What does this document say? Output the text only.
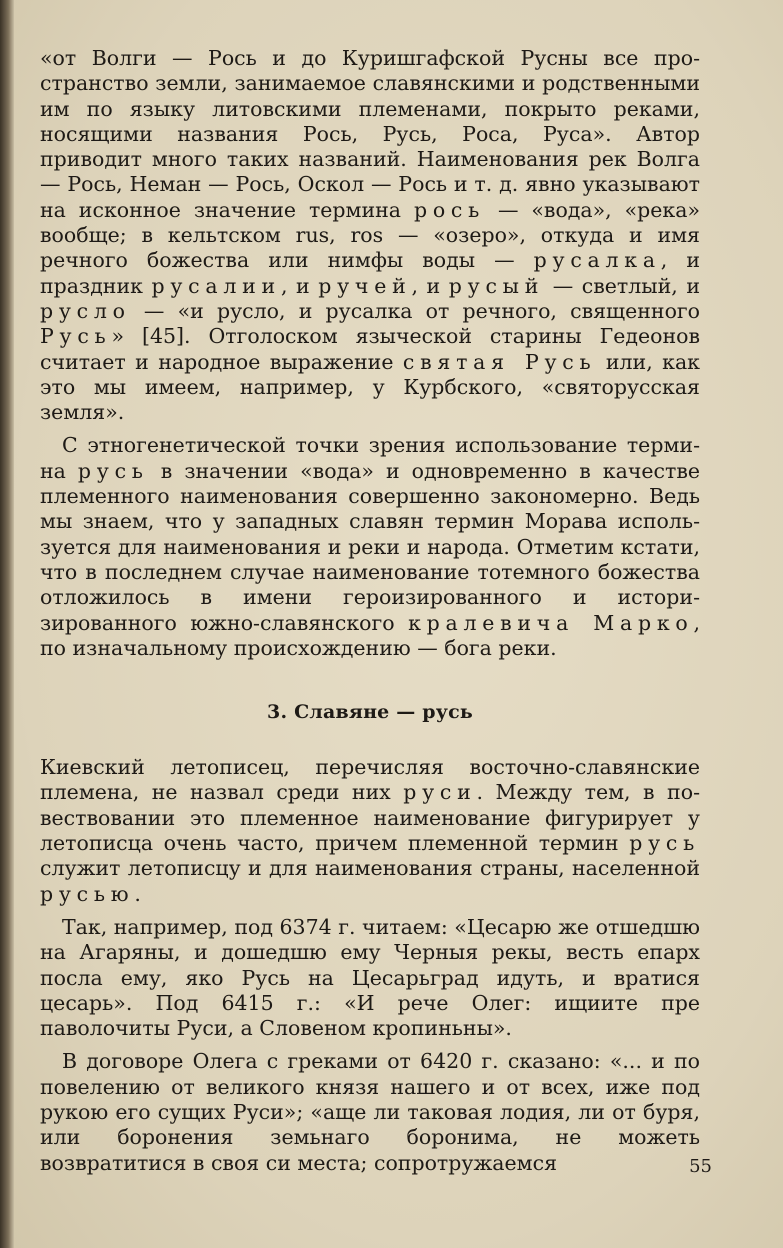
«от Волги — Рось и до Куришгафской Русны все пространство земли, занимаемое славянскими и родственными им по языку литовскими племенами, покрыто реками, носящими названия Рось, Русь, Роса, Руса». Автор приводит много таких названий. Наименования рек Волга — Рось, Неман — Рось, Оскол — Рось и т. д. явно указывают на исконное значение термина рось — «вода», «река» вообще; в кельтском rus, ros — «озеро», откуда и имя речного божества или нимфы воды — русалка, и праздник русалии, и ручей, и русый — светлый, и русло — «и русло, и русалка от речного, священного Русь» [45]. Отголоском языческой старины Гедеонов считает и народное выражение святая Русь или, как это мы имеем, например, у Курбского, «святорусская земля».

С этногенетической точки зрения использование термина русь в значении «вода» и одновременно в качестве племенного наименования совершенно закономерно. Ведь мы знаем, что у западных славян термин Морава используется для наименования и реки и народа. Отметим кстати, что в последнем случае наименование тотемного божества отложилось в имени героизированного и историзированного южно-славянского кралевича Марко, по изначальному происхождению — бога реки.

3. Славяне — русь

Киевский летописец, перечисляя восточно-славянские племена, не назвал среди них руси. Между тем, в повествовании это племенное наименование фигурирует у летописца очень часто, причем племенной термин русь служит летописцу и для наименования страны, населенной русью.

Так, например, под 6374 г. читаем: «Цесарю же отшедшю на Агаряны, и дошедшю ему Черныя рекы, весть епарх посла ему, яко Русь на Цесарьград идуть, и вратися цесарь». Под 6415 г.: «И рече Олег: ищиите пре паволочиты Руси, а Словеном кропиньны».

В договоре Олега с греками от 6420 г. сказано: «... и по повелению от великого князя нашего и от всех, иже под рукою его сущих Руси»; «аще ли таковая лодия, ли от буря, или боронения земьнаго боронима, не можеть возвратитися в своя си места; сопротружаемся	55
